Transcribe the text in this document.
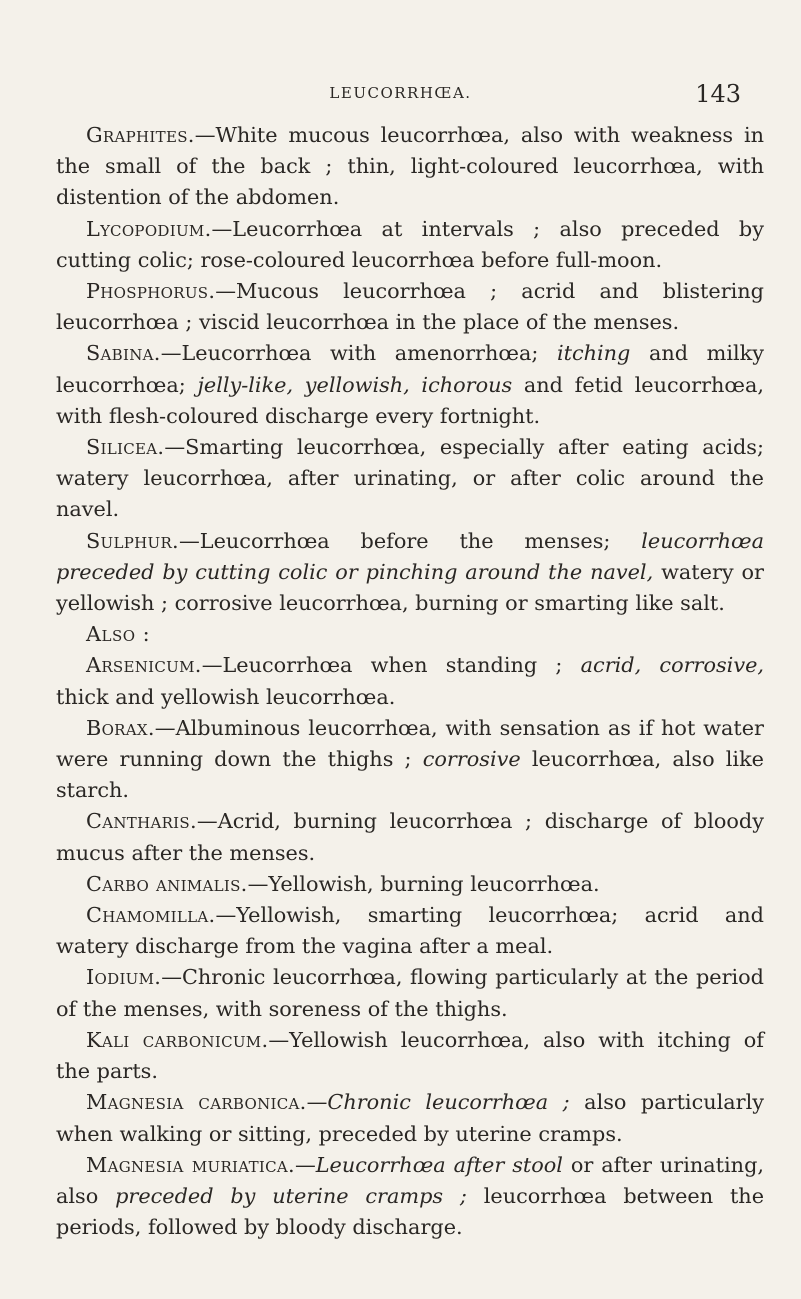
LEUCORRHŒA.	143

Graphites.—White mucous leucorrhœa, also with weakness in the small of the back ; thin, light-coloured leucorrhœa, with distention of the abdomen.

Lycopodium.—Leucorrhœa at intervals ; also preceded by cutting colic; rose-coloured leucorrhœa before full-moon.

Phosphorus.—Mucous leucorrhœa ; acrid and blistering leucorrhœa ; viscid leucorrhœa in the place of the menses.

Sabina.—Leucorrhœa with amenorrhœa; itching and milky leucorrhœa; jelly-like, yellowish, ichorous and fetid leucorrhœa, with flesh-coloured discharge every fortnight.

Silicea.—Smarting leucorrhœa, especially after eating acids; watery leucorrhœa, after urinating, or after colic around the navel.

Sulphur.—Leucorrhœa before the menses; leucorrhœa preceded by cutting colic or pinching around the navel, watery or yellowish ; corrosive leucorrhœa, burning or smarting like salt.

Also :

Arsenicum.—Leucorrhœa when standing ; acrid, corrosive, thick and yellowish leucorrhœa.

Borax.—Albuminous leucorrhœa, with sensation as if hot water were running down the thighs ; corrosive leucorrhœa, also like starch.

Cantharis.—Acrid, burning leucorrhœa ; discharge of bloody mucus after the menses.

Carbo animalis.—Yellowish, burning leucorrhœa.

Chamomilla.—Yellowish, smarting leucorrhœa; acrid and watery discharge from the vagina after a meal.

Iodium.—Chronic leucorrhœa, flowing particularly at the period of the menses, with soreness of the thighs.

Kali carbonicum.—Yellowish leucorrhœa, also with itching of the parts.

Magnesia carbonica.—Chronic leucorrhœa ; also particularly when walking or sitting, preceded by uterine cramps.

Magnesia muriatica.—Leucorrhœa after stool or after urinating, also preceded by uterine cramps ; leucorrhœa between the periods, followed by bloody discharge.
